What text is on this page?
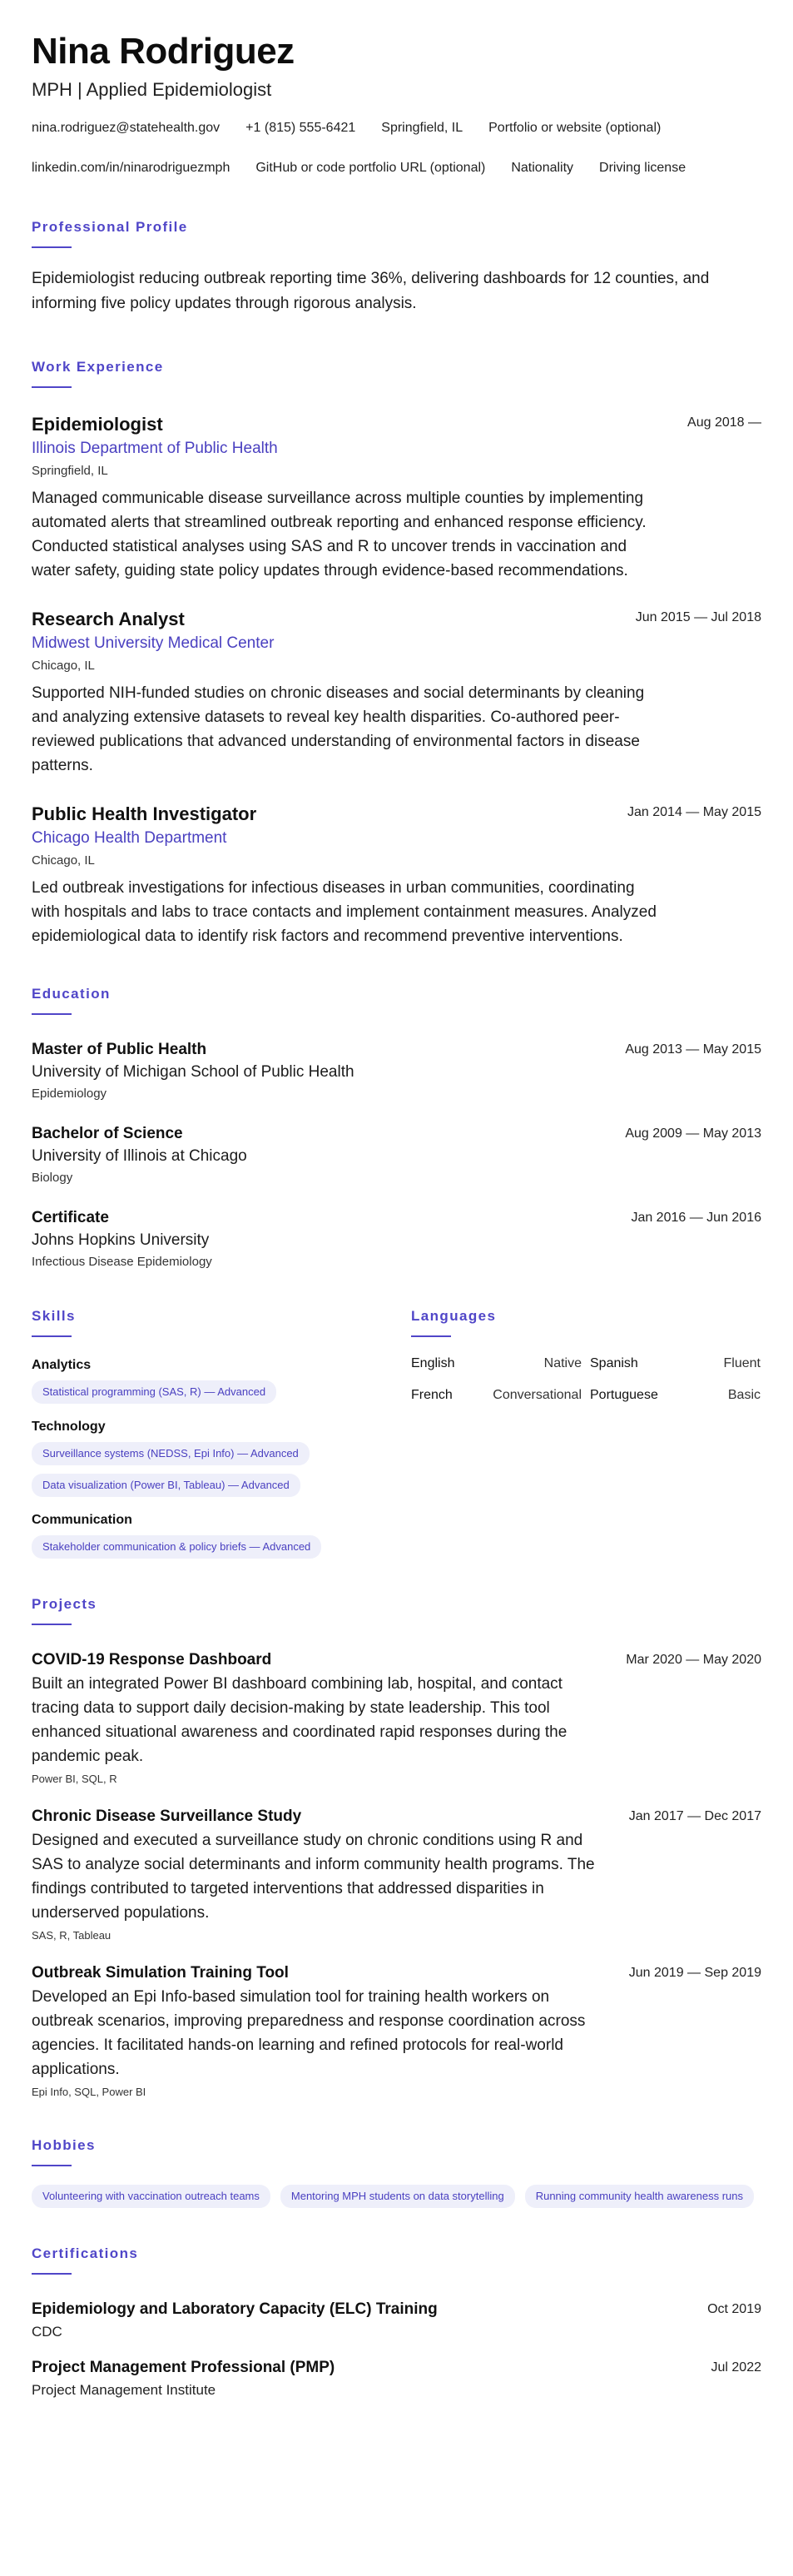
Nina Rodriguez
MPH | Applied Epidemiologist
nina.rodriguez@statehealth.gov +1 (815) 555-6421 Springfield, IL Portfolio or website (optional)
linkedin.com/in/ninarodriguezmph GitHub or code portfolio URL (optional) Nationality Driving license
Professional Profile
Epidemiologist reducing outbreak reporting time 36%, delivering dashboards for 12 counties, and informing five policy updates through rigorous analysis.
Work Experience
Epidemiologist	Aug 2018 —
Illinois Department of Public Health
Springfield, IL
Managed communicable disease surveillance across multiple counties by implementing automated alerts that streamlined outbreak reporting and enhanced response efficiency. Conducted statistical analyses using SAS and R to uncover trends in vaccination and water safety, guiding state policy updates through evidence-based recommendations.
Research Analyst	Jun 2015 — Jul 2018
Midwest University Medical Center
Chicago, IL
Supported NIH-funded studies on chronic diseases and social determinants by cleaning and analyzing extensive datasets to reveal key health disparities. Co-authored peer-reviewed publications that advanced understanding of environmental factors in disease patterns.
Public Health Investigator	Jan 2014 — May 2015
Chicago Health Department
Chicago, IL
Led outbreak investigations for infectious diseases in urban communities, coordinating with hospitals and labs to trace contacts and implement containment measures. Analyzed epidemiological data to identify risk factors and recommend preventive interventions.
Education
Master of Public Health	Aug 2013 — May 2015
University of Michigan School of Public Health
Epidemiology
Bachelor of Science	Aug 2009 — May 2013
University of Illinois at Chicago
Biology
Certificate	Jan 2016 — Jun 2016
Johns Hopkins University
Infectious Disease Epidemiology
Skills
Analytics
Statistical programming (SAS, R) — Advanced
Technology
Surveillance systems (NEDSS, Epi Info) — Advanced
Data visualization (Power BI, Tableau) — Advanced
Communication
Stakeholder communication & policy briefs — Advanced
Languages
English	Native Spanish	Fluent
French	Conversational Portuguese	Basic
Projects
COVID-19 Response Dashboard	Mar 2020 — May 2020
Built an integrated Power BI dashboard combining lab, hospital, and contact tracing data to support daily decision-making by state leadership. This tool enhanced situational awareness and coordinated rapid responses during the pandemic peak.
Power BI, SQL, R
Chronic Disease Surveillance Study	Jan 2017 — Dec 2017
Designed and executed a surveillance study on chronic conditions using R and SAS to analyze social determinants and inform community health programs. The findings contributed to targeted interventions that addressed disparities in underserved populations.
SAS, R, Tableau
Outbreak Simulation Training Tool	Jun 2019 — Sep 2019
Developed an Epi Info-based simulation tool for training health workers on outbreak scenarios, improving preparedness and response coordination across agencies. It facilitated hands-on learning and refined protocols for real-world applications.
Epi Info, SQL, Power BI
Hobbies
Volunteering with vaccination outreach teams	Mentoring MPH students on data storytelling	Running community health awareness runs
Certifications
Epidemiology and Laboratory Capacity (ELC) Training	Oct 2019
CDC
Project Management Professional (PMP)	Jul 2022
Project Management Institute
